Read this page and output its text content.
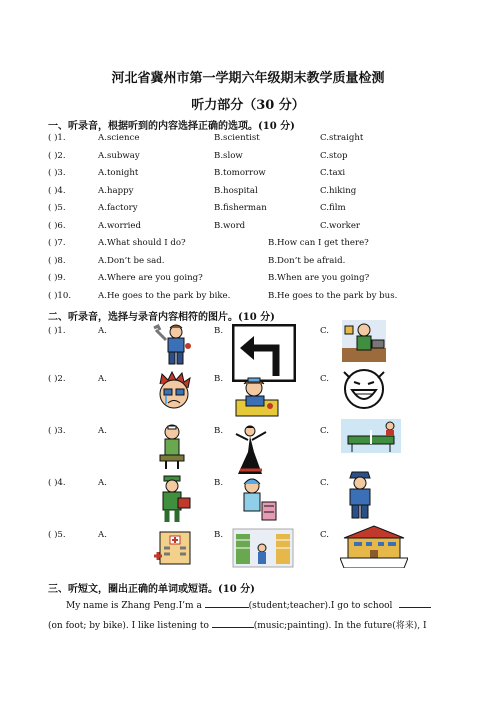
河北省冀州市第一学期六年级期末教学质量检测
听力部分（30 分）
一、听录音，根据听到的内容选择正确的选项。(10 分)
( )1.	A.science	B.scientist	C.straight
( )2.	A.subway	B.slow	C.stop
( )3.	A.tonight	B.tomorrow	C.taxi
( )4.	A.happy	B.hospital	C.hiking
( )5.	A.factory	B.fisherman	C.film
( )6.	A.worried	B.word	C.worker
( )7.	A.What should I do?	B.How can I get there?
( )8.	A.Don’t be sad.	B.Don’t be afraid.
( )9.	A.Where are you going?	B.When are you going?
( )10.	A.He goes to the park by bike.	B.He goes to the park by bus.
二、听录音，选择与录音内容相符的图片。(10 分)
( )1.	A.	B.	C.
( )2.	A.	B.	C.
( )3.	A.	B.	C.
( )4.	A.	B.	C.
( )5.	A.	B.	C.
三、听短文，圈出正确的单词或短语。(10 分)
My name is Zhang Peng.I’m a	(student;teacher).I go to school
(on foot; by bike). I like listening to	(music;painting). In the future(将来), I
